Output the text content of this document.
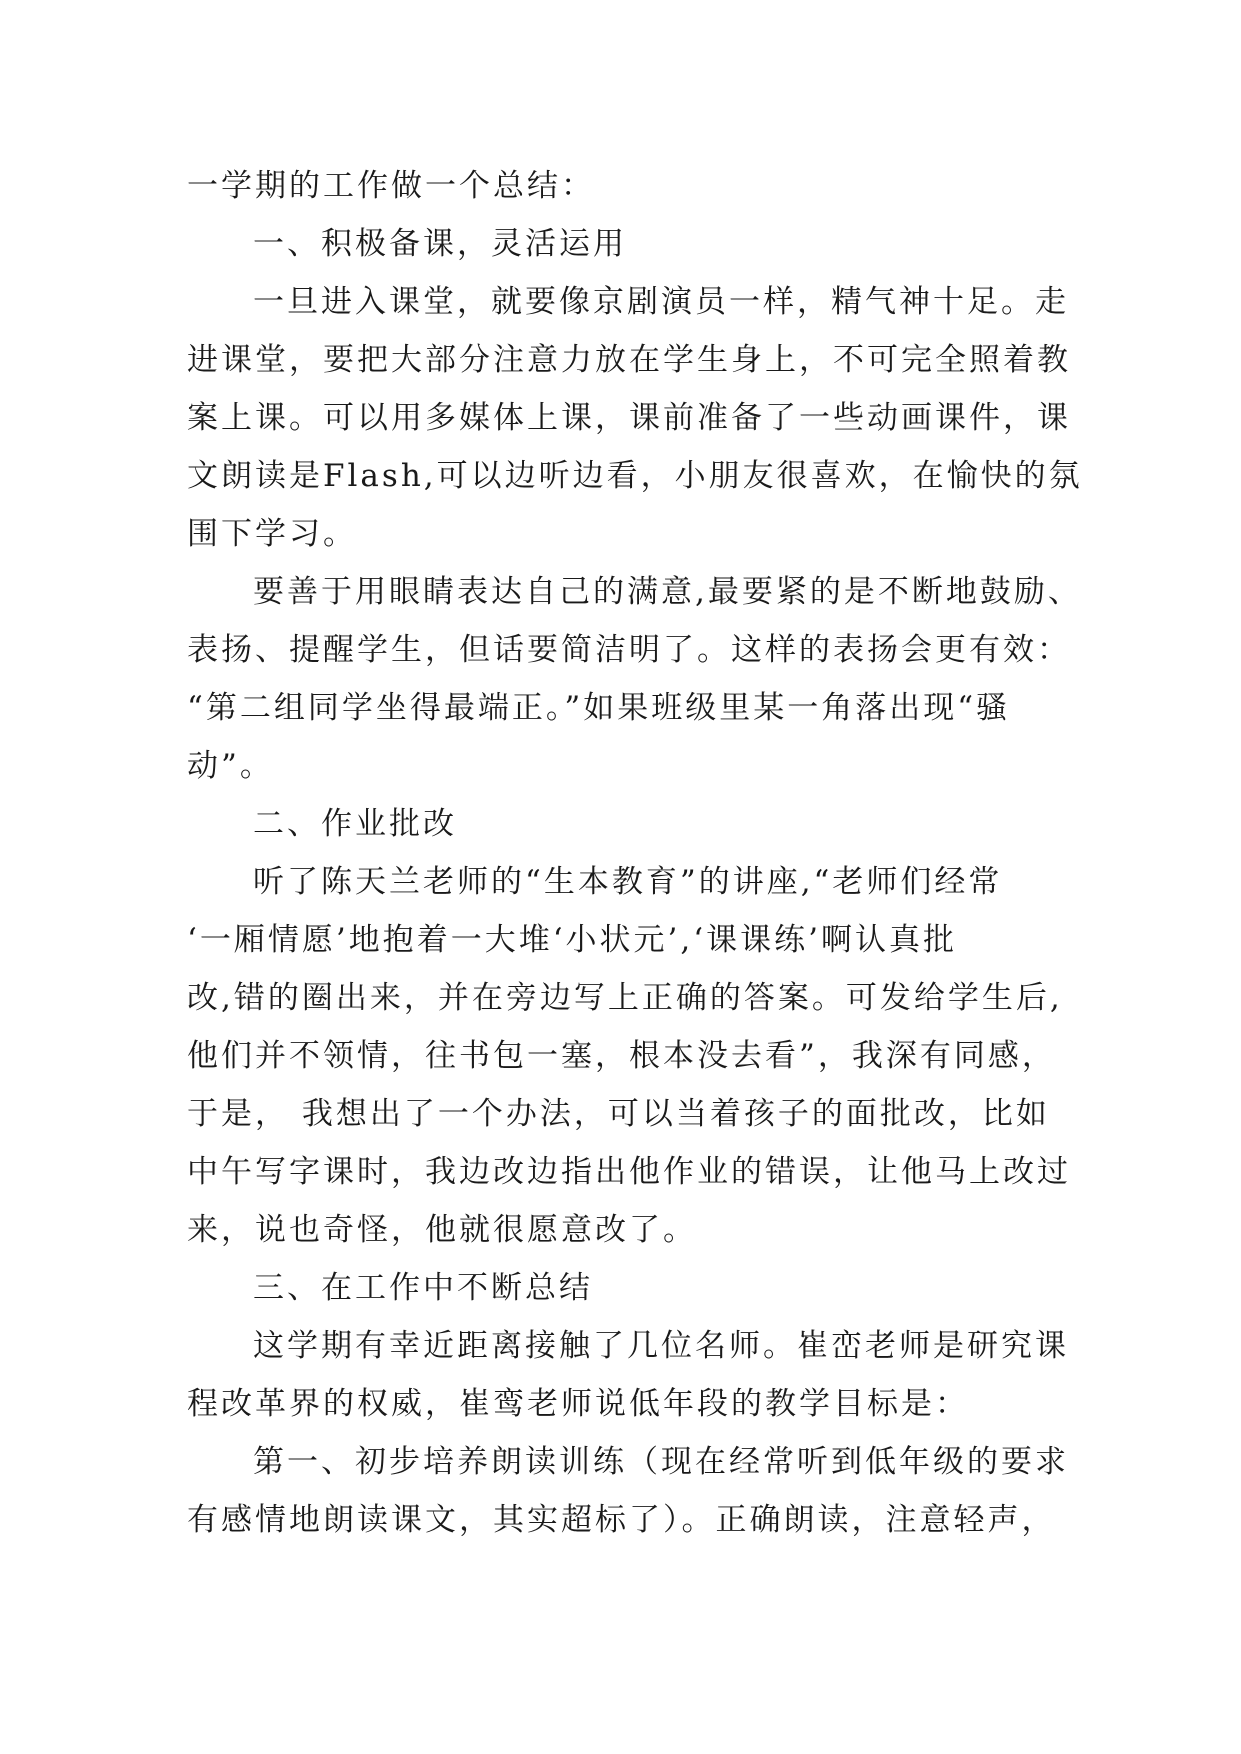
一学期的工作做一个总结：
一、积极备课，灵活运用
一旦进入课堂，就要像京剧演员一样，精气神十足。走
进课堂，要把大部分注意力放在学生身上，不可完全照着教
案上课。可以用多媒体上课，课前准备了一些动画课件，课
文朗读是Flash,可以边听边看，小朋友很喜欢，在愉快的氛
围下学习。
要善于用眼睛表达自己的满意,最要紧的是不断地鼓励、
表扬、提醒学生，但话要简洁明了。这样的表扬会更有效：
“第二组同学坐得最端正。”如果班级里某一角落出现“骚
动”。
二、作业批改
听了陈天兰老师的“生本教育”的讲座,“老师们经常
‘一厢情愿’地抱着一大堆‘小状元’,‘课课练’啊认真批
改,错的圈出来，并在旁边写上正确的答案。可发给学生后,
他们并不领情，往书包一塞，根本没去看”，我深有同感，
于是， 我想出了一个办法，可以当着孩子的面批改，比如
中午写字课时，我边改边指出他作业的错误，让他马上改过
来，说也奇怪，他就很愿意改了。
三、在工作中不断总结
这学期有幸近距离接触了几位名师。崔峦老师是研究课
程改革界的权威，崔鸾老师说低年段的教学目标是：
第一、初步培养朗读训练（现在经常听到低年级的要求
有感情地朗读课文，其实超标了）。正确朗读，注意轻声，
